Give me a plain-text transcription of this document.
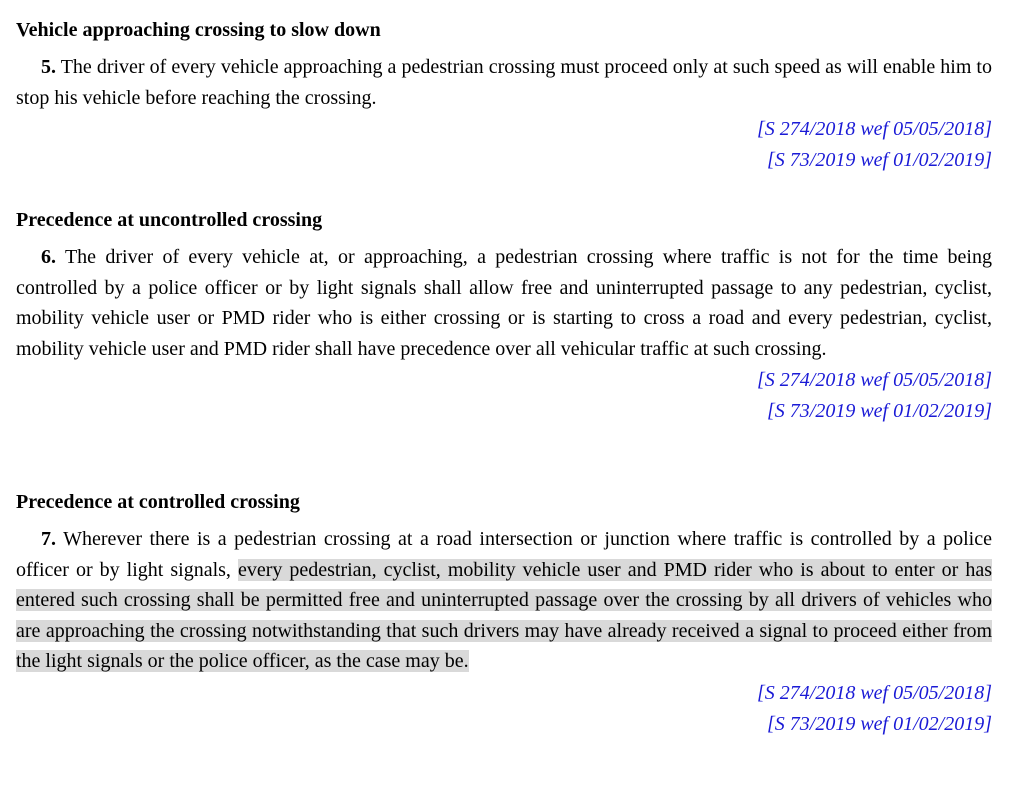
Vehicle approaching crossing to slow down

5. The driver of every vehicle approaching a pedestrian crossing must proceed only at such speed as will enable him to stop his vehicle before reaching the crossing.

[S 274/2018 wef 05/05/2018]
[S 73/2019 wef 01/02/2019]
Precedence at uncontrolled crossing

6. The driver of every vehicle at, or approaching, a pedestrian crossing where traffic is not for the time being controlled by a police officer or by light signals shall allow free and uninterrupted passage to any pedestrian, cyclist, mobility vehicle user or PMD rider who is either crossing or is starting to cross a road and every pedestrian, cyclist, mobility vehicle user and PMD rider shall have precedence over all vehicular traffic at such crossing.

[S 274/2018 wef 05/05/2018]
[S 73/2019 wef 01/02/2019]
Precedence at controlled crossing

7. Wherever there is a pedestrian crossing at a road intersection or junction where traffic is controlled by a police officer or by light signals, every pedestrian, cyclist, mobility vehicle user and PMD rider who is about to enter or has entered such crossing shall be permitted free and uninterrupted passage over the crossing by all drivers of vehicles who are approaching the crossing notwithstanding that such drivers may have already received a signal to proceed either from the light signals or the police officer, as the case may be.

[S 274/2018 wef 05/05/2018]
[S 73/2019 wef 01/02/2019]
